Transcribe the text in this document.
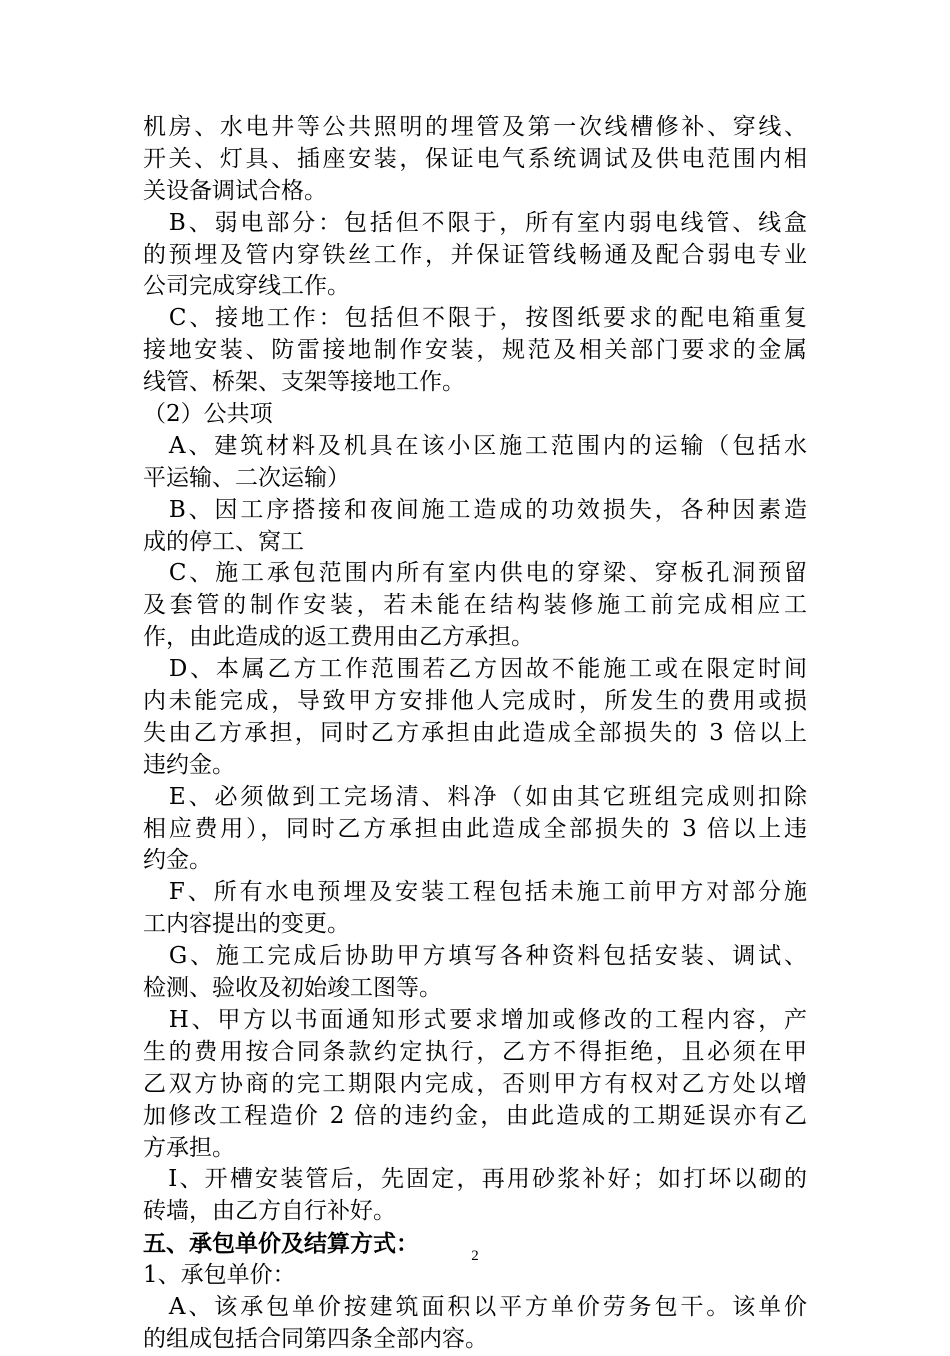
机房、水电井等公共照明的埋管及第一次线槽修补、穿线、
开关、灯具、插座安装，保证电气系统调试及供电范围内相
关设备调试合格。
　B、弱电部分：包括但不限于，所有室内弱电线管、线盒
的预埋及管内穿铁丝工作，并保证管线畅通及配合弱电专业
公司完成穿线工作。
　C、接地工作：包括但不限于，按图纸要求的配电箱重复
接地安装、防雷接地制作安装，规范及相关部门要求的金属
线管、桥架、支架等接地工作。
（2）公共项
　A、建筑材料及机具在该小区施工范围内的运输（包括水
平运输、二次运输）
　B、因工序搭接和夜间施工造成的功效损失，各种因素造
成的停工、窝工
　C、施工承包范围内所有室内供电的穿梁、穿板孔洞预留
及套管的制作安装，若未能在结构装修施工前完成相应工
作，由此造成的返工费用由乙方承担。
　D、本属乙方工作范围若乙方因故不能施工或在限定时间
内未能完成，导致甲方安排他人完成时，所发生的费用或损
失由乙方承担，同时乙方承担由此造成全部损失的 3 倍以上
违约金。
　E、必须做到工完场清、料净（如由其它班组完成则扣除
相应费用），同时乙方承担由此造成全部损失的 3 倍以上违
约金。
　F、所有水电预埋及安装工程包括未施工前甲方对部分施
工内容提出的变更。
　G、施工完成后协助甲方填写各种资料包括安装、调试、
检测、验收及初始竣工图等。
　H、甲方以书面通知形式要求增加或修改的工程内容，产
生的费用按合同条款约定执行，乙方不得拒绝，且必须在甲
乙双方协商的完工期限内完成，否则甲方有权对乙方处以增
加修改工程造价 2 倍的违约金，由此造成的工期延误亦有乙
方承担。
　I、开槽安装管后，先固定，再用砂浆补好；如打坏以砌的
砖墙，由乙方自行补好。
五、承包单价及结算方式：
1、承包单价：
　A、该承包单价按建筑面积以平方单价劳务包干。该单价
的组成包括合同第四条全部内容。
2
